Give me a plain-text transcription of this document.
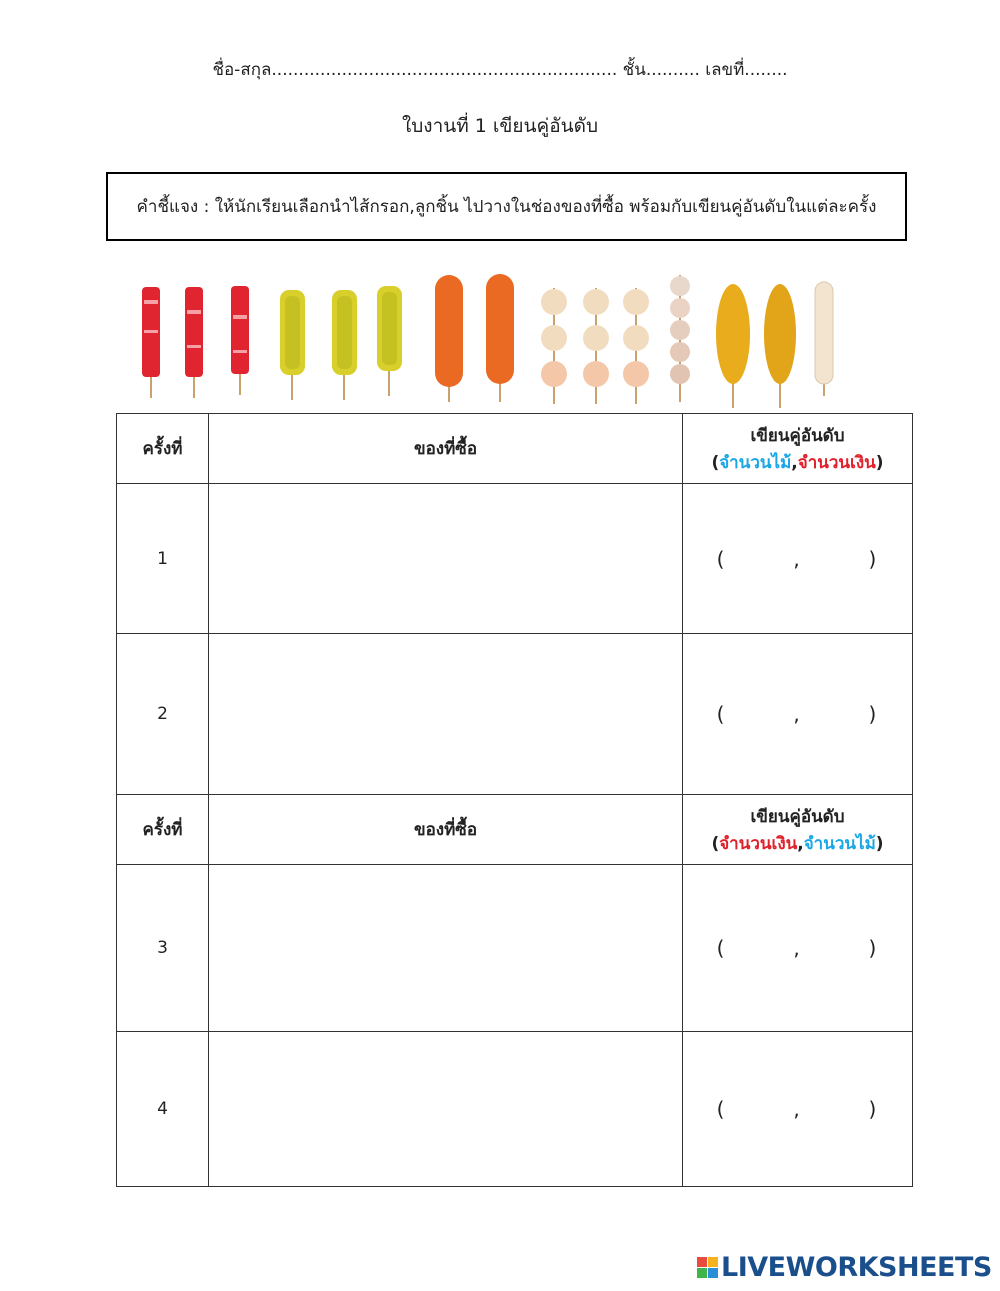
ชื่อ-สกุล................................................................ ชั้น.......... เลขที่........
ใบงานที่ 1 เขียนคู่อันดับ
คำชี้แจง : ให้นักเรียนเลือกนำไส้กรอก,ลูกชิ้น ไปวางในช่องของที่ซื้อ พร้อมกับเขียนคู่อันดับในแต่ละครั้ง
ครั้งที่	ของที่ซื้อ	เขียนคู่อันดับ
(จำนวนไม้,จำนวนเงิน)

1		(        ,        )
2		(        ,        )
ครั้งที่	ของที่ซื้อ	เขียนคู่อันดับ
(จำนวนเงิน,จำนวนไม้)

3		(        ,        )
4		(        ,        )
LIVEWORKSHEETS
